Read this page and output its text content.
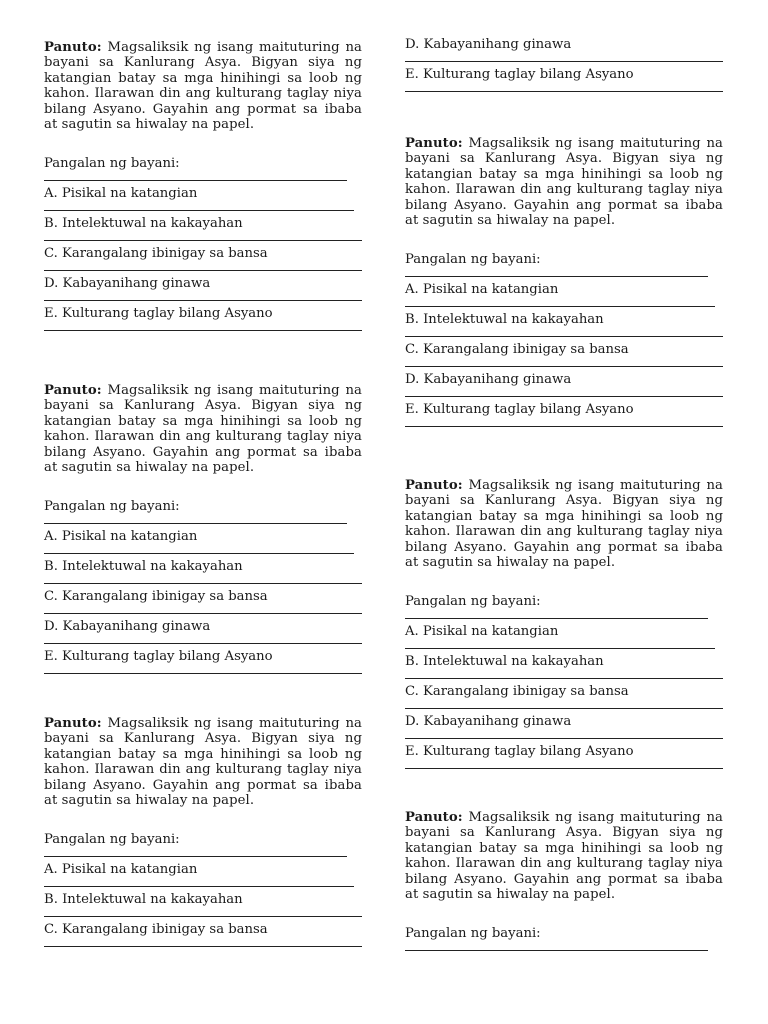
Panuto: Magsaliksik ng isang maituturing na bayani sa Kanlurang Asya. Bigyan siya ng katangian batay sa mga hinihingi sa loob ng kahon. Ilarawan din ang kulturang taglay niya bilang Asyano. Gayahin ang pormat sa ibaba at sagutin sa hiwalay na papel.

Pangalan ng bayani:
A. Pisikal na katangian
B. Intelektuwal na kakayahan
C. Karangalang ibinigay sa bansa
D. Kabayanihang ginawa
E. Kulturang taglay bilang Asyano

Panuto: Magsaliksik ng isang maituturing na bayani sa Kanlurang Asya. Bigyan siya ng katangian batay sa mga hinihingi sa loob ng kahon. Ilarawan din ang kulturang taglay niya bilang Asyano. Gayahin ang pormat sa ibaba at sagutin sa hiwalay na papel.

Pangalan ng bayani:
A. Pisikal na katangian
B. Intelektuwal na kakayahan
C. Karangalang ibinigay sa bansa
D. Kabayanihang ginawa
E. Kulturang taglay bilang Asyano

Panuto: Magsaliksik ng isang maituturing na bayani sa Kanlurang Asya. Bigyan siya ng katangian batay sa mga hinihingi sa loob ng kahon. Ilarawan din ang kulturang taglay niya bilang Asyano. Gayahin ang pormat sa ibaba at sagutin sa hiwalay na papel.

Pangalan ng bayani:
A. Pisikal na katangian
B. Intelektuwal na kakayahan
C. Karangalang ibinigay sa bansa
D. Kabayanihang ginawa
E. Kulturang taglay bilang Asyano

Panuto: Magsaliksik ng isang maituturing na bayani sa Kanlurang Asya. Bigyan siya ng katangian batay sa mga hinihingi sa loob ng kahon. Ilarawan din ang kulturang taglay niya bilang Asyano. Gayahin ang pormat sa ibaba at sagutin sa hiwalay na papel.

Pangalan ng bayani:
A. Pisikal na katangian
B. Intelektuwal na kakayahan
C. Karangalang ibinigay sa bansa
D. Kabayanihang ginawa
E. Kulturang taglay bilang Asyano

Panuto: Magsaliksik ng isang maituturing na bayani sa Kanlurang Asya. Bigyan siya ng katangian batay sa mga hinihingi sa loob ng kahon. Ilarawan din ang kulturang taglay niya bilang Asyano. Gayahin ang pormat sa ibaba at sagutin sa hiwalay na papel.

Pangalan ng bayani:
A. Pisikal na katangian
B. Intelektuwal na kakayahan
C. Karangalang ibinigay sa bansa
D. Kabayanihang ginawa
E. Kulturang taglay bilang Asyano

Panuto: Magsaliksik ng isang maituturing na bayani sa Kanlurang Asya. Bigyan siya ng katangian batay sa mga hinihingi sa loob ng kahon. Ilarawan din ang kulturang taglay niya bilang Asyano. Gayahin ang pormat sa ibaba at sagutin sa hiwalay na papel.

Pangalan ng bayani:
